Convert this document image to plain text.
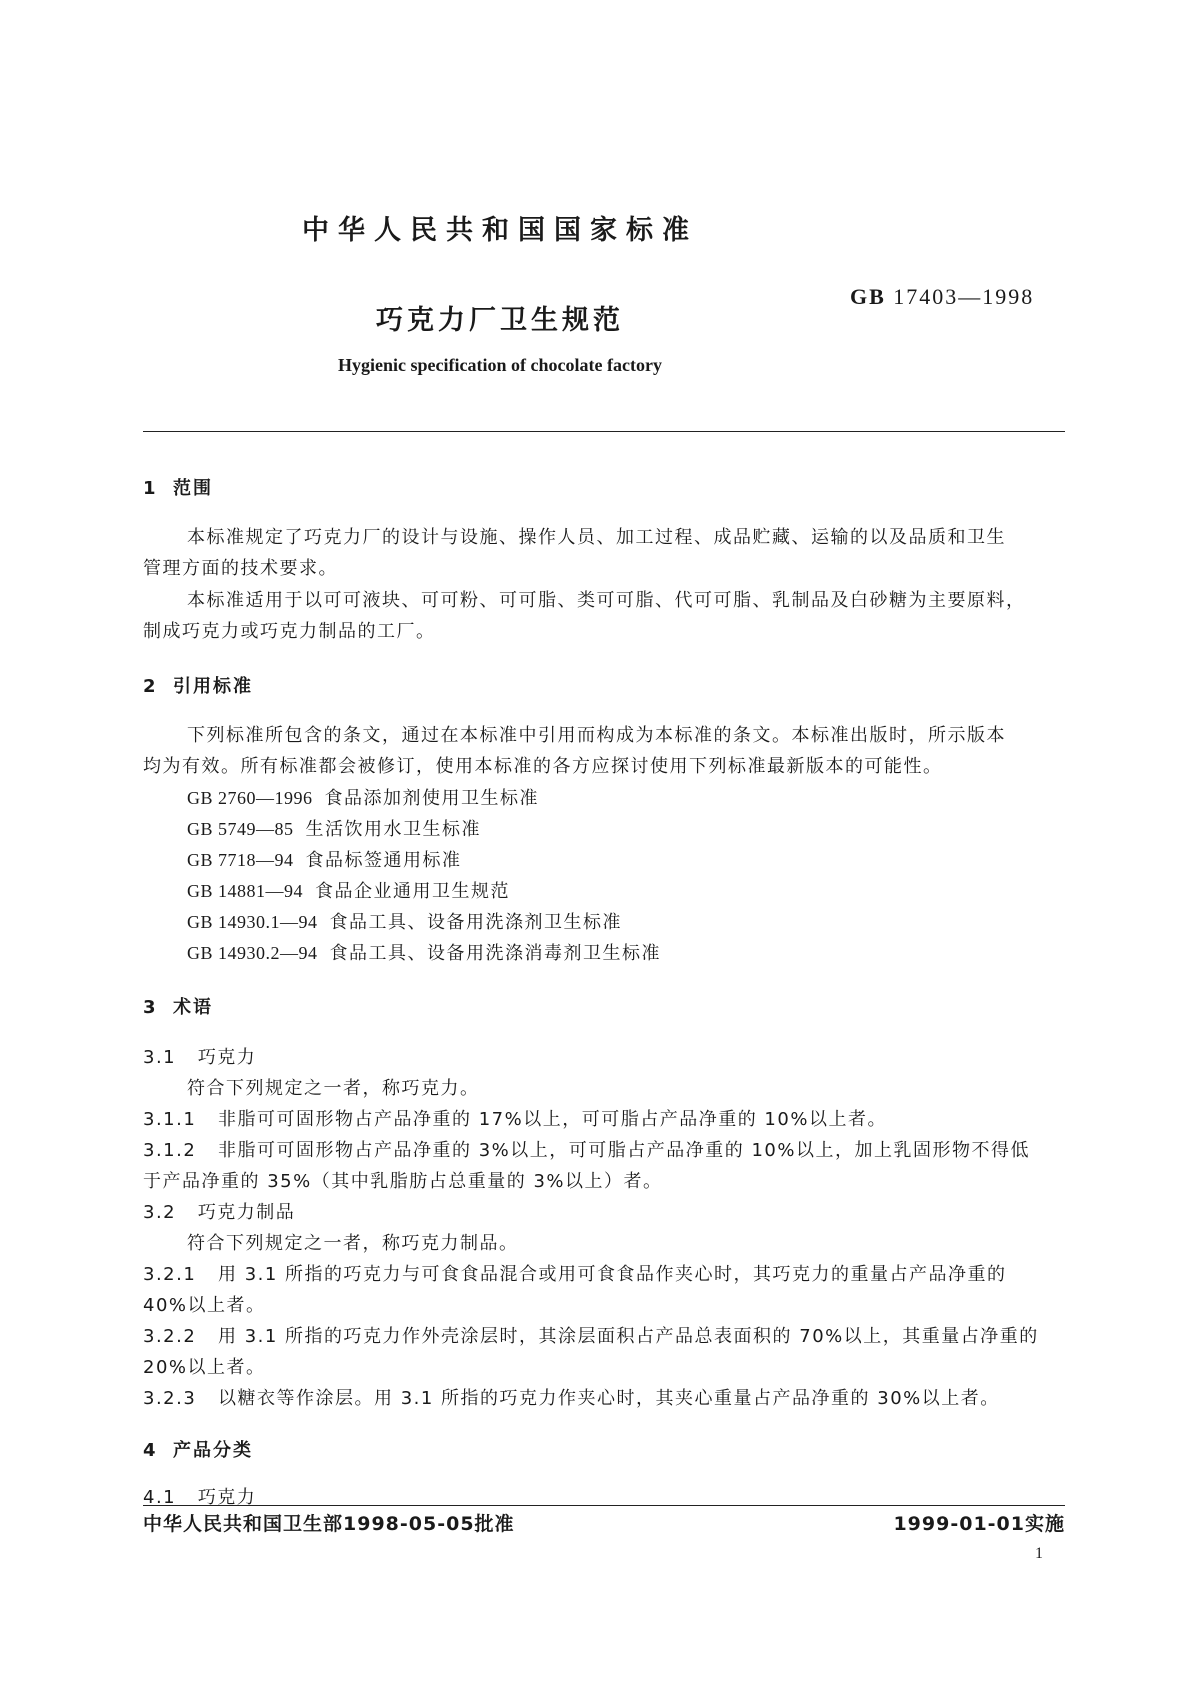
中华人民共和国国家标准
巧克力厂卫生规范
GB 17403—1998
Hygienic specification of chocolate factory
1 范围
本标准规定了巧克力厂的设计与设施、操作人员、加工过程、成品贮藏、运输的以及品质和卫生
管理方面的技术要求。
本标准适用于以可可液块、可可粉、可可脂、类可可脂、代可可脂、乳制品及白砂糖为主要原料，
制成巧克力或巧克力制品的工厂。
2 引用标准
下列标准所包含的条文，通过在本标准中引用而构成为本标准的条文。本标准出版时，所示版本
均为有效。所有标准都会被修订，使用本标准的各方应探讨使用下列标准最新版本的可能性。
GB 2760—1996 食品添加剂使用卫生标准
GB 5749—85 生活饮用水卫生标准
GB 7718—94 食品标签通用标准
GB 14881—94 食品企业通用卫生规范
GB 14930.1—94 食品工具、设备用洗涤剂卫生标准
GB 14930.2—94 食品工具、设备用洗涤消毒剂卫生标准
3 术语
3.1 巧克力
符合下列规定之一者，称巧克力。
3.1.1 非脂可可固形物占产品净重的 17%以上，可可脂占产品净重的 10%以上者。
3.1.2 非脂可可固形物占产品净重的 3%以上，可可脂占产品净重的 10%以上，加上乳固形物不得低
于产品净重的 35%（其中乳脂肪占总重量的 3%以上）者。
3.2 巧克力制品
符合下列规定之一者，称巧克力制品。
3.2.1 用 3.1 所指的巧克力与可食食品混合或用可食食品作夹心时，其巧克力的重量占产品净重的
40%以上者。
3.2.2 用 3.1 所指的巧克力作外壳涂层时，其涂层面积占产品总表面积的 70%以上，其重量占净重的
20%以上者。
3.2.3 以糖衣等作涂层。用 3.1 所指的巧克力作夹心时，其夹心重量占产品净重的 30%以上者。
4 产品分类
4.1 巧克力
中华人民共和国卫生部1998-05-05批准	1999-01-01实施
1
